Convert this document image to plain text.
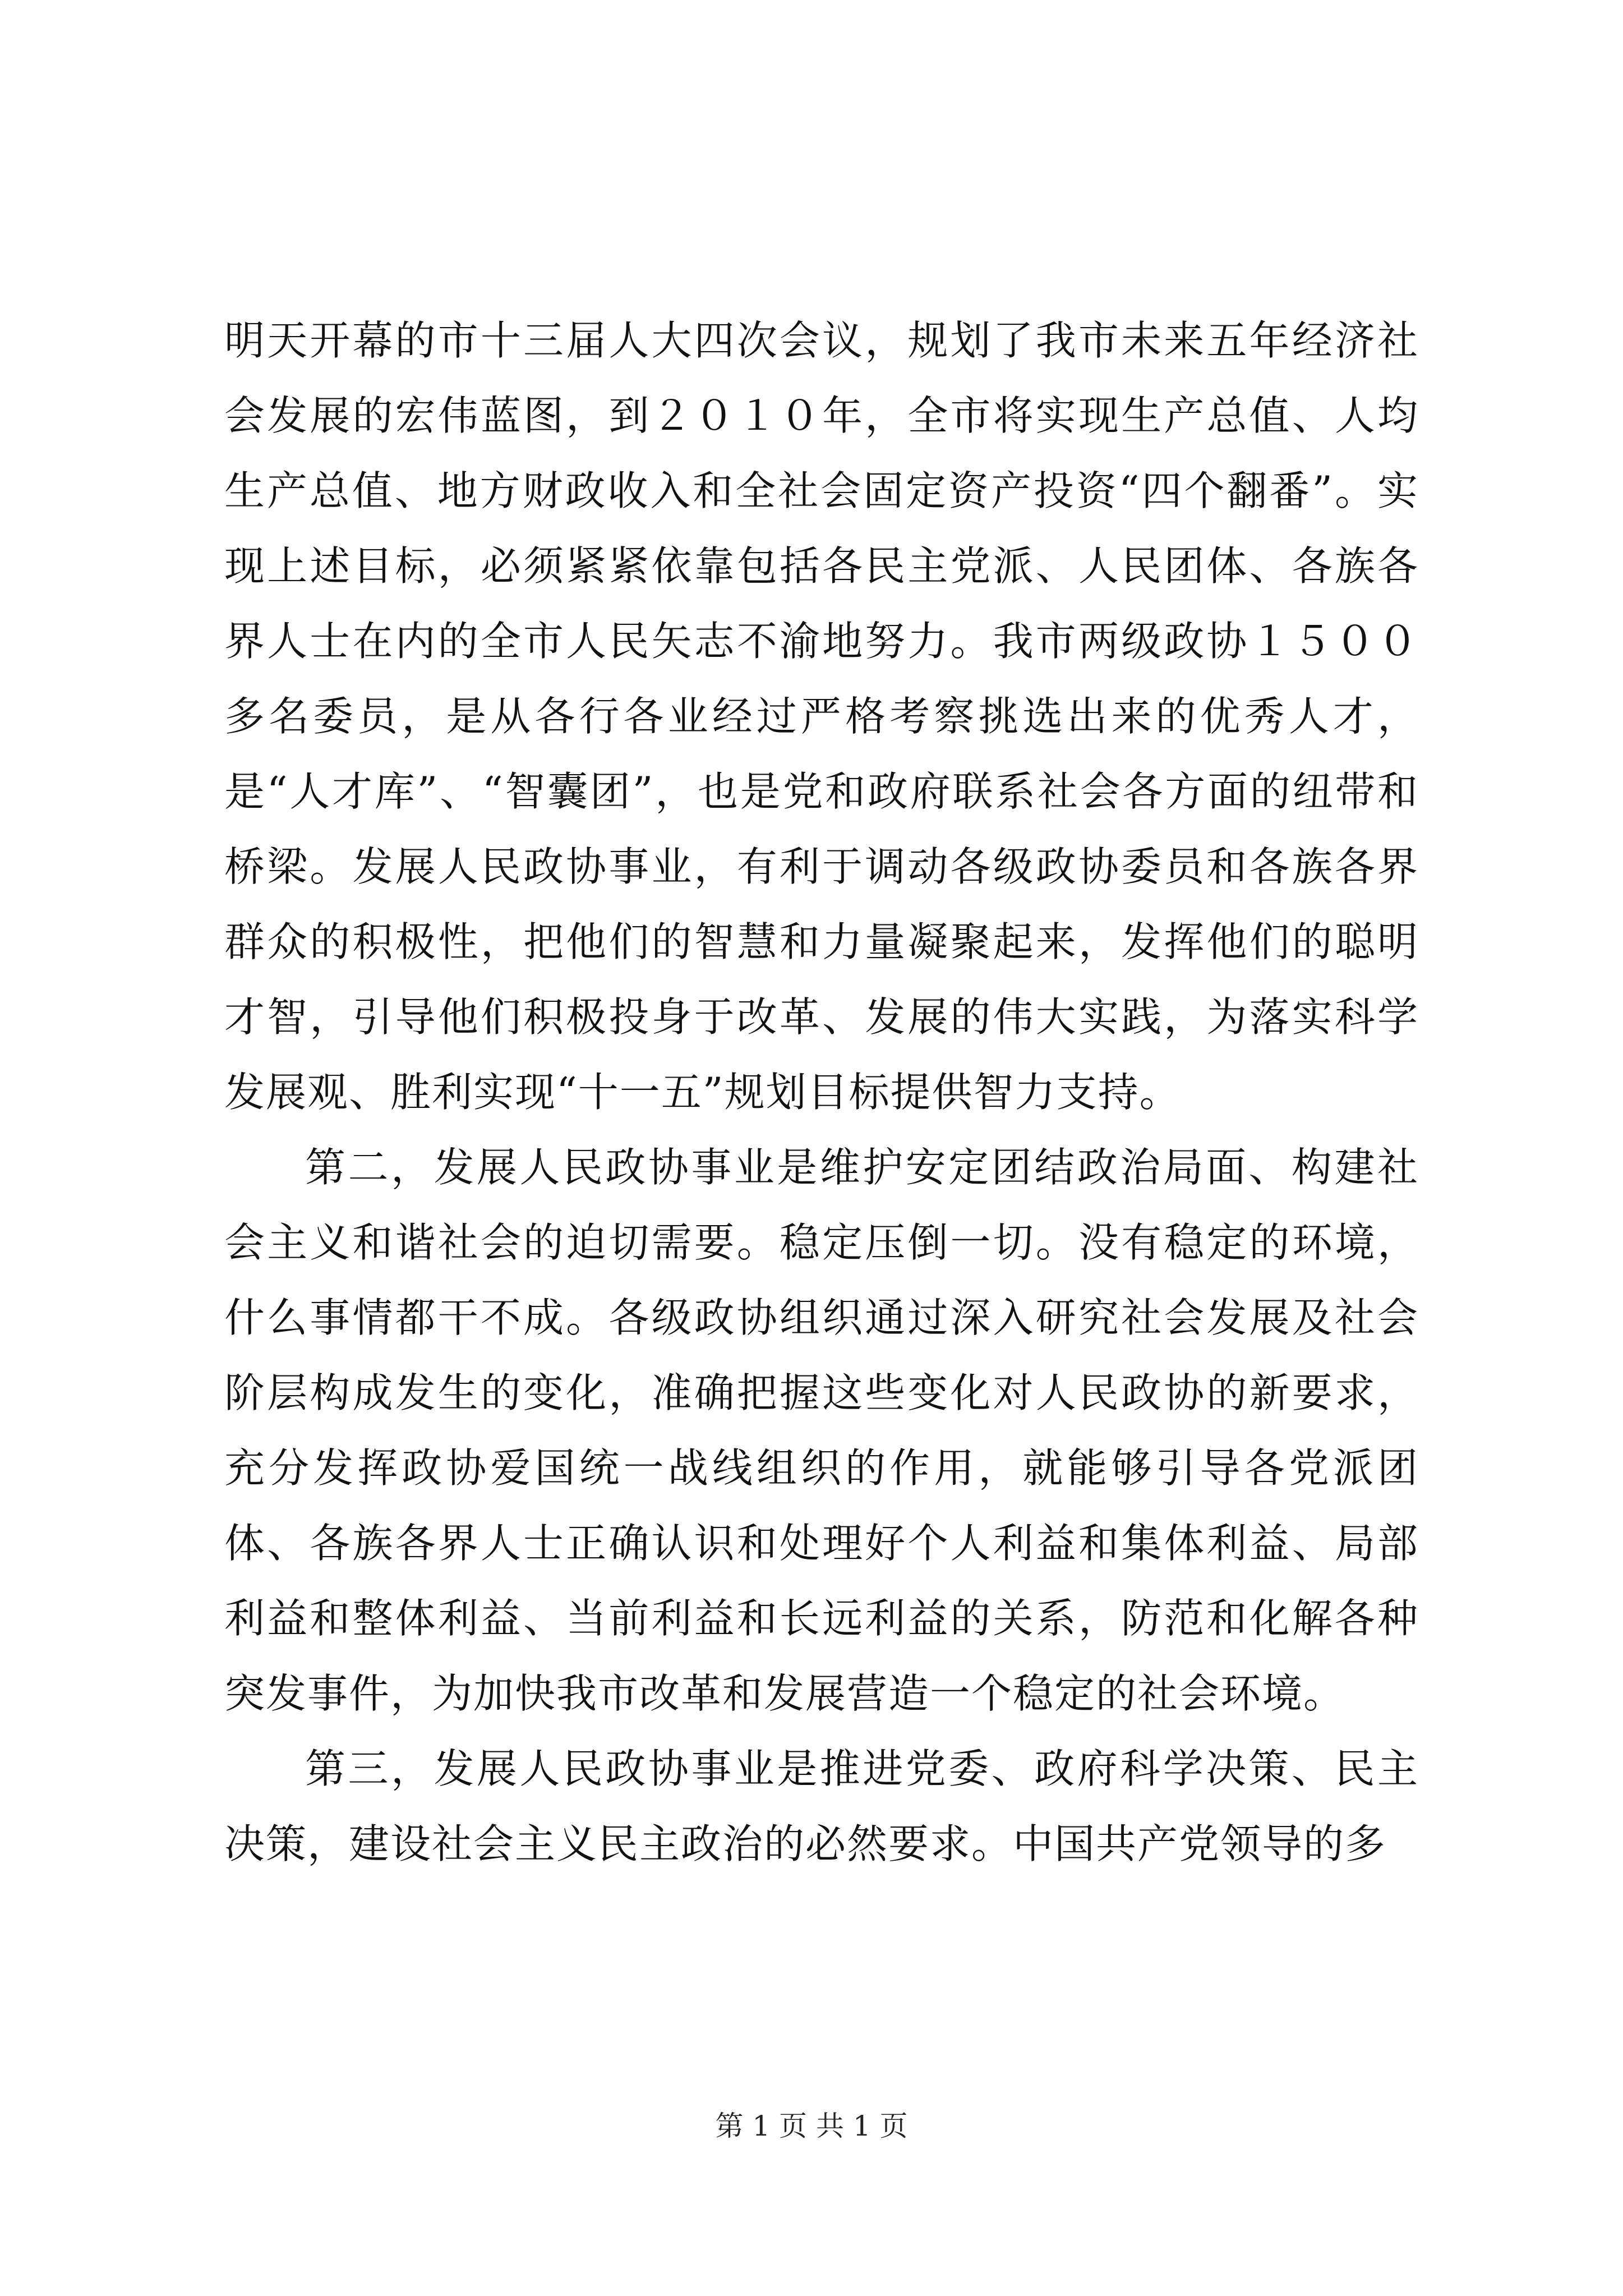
明天开幕的市十三届人大四次会议，规划了我市未来五年经济社会发展的宏伟蓝图，到２０１０年，全市将实现生产总值、人均生产总值、地方财政收入和全社会固定资产投资“四个翻番”。实现上述目标，必须紧紧依靠包括各民主党派、人民团体、各族各界人士在内的全市人民矢志不渝地努力。我市两级政协１５００多名委员，是从各行各业经过严格考察挑选出来的优秀人才，是“人才库”、“智囊团”，也是党和政府联系社会各方面的纽带和桥梁。发展人民政协事业，有利于调动各级政协委员和各族各界群众的积极性，把他们的智慧和力量凝聚起来，发挥他们的聪明才智，引导他们积极投身于改革、发展的伟大实践，为落实科学发展观、胜利实现“十一五”规划目标提供智力支持。

第二，发展人民政协事业是维护安定团结政治局面、构建社会主义和谐社会的迫切需要。稳定压倒一切。没有稳定的环境，什么事情都干不成。各级政协组织通过深入研究社会发展及社会阶层构成发生的变化，准确把握这些变化对人民政协的新要求，充分发挥政协爱国统一战线组织的作用，就能够引导各党派团体、各族各界人士正确认识和处理好个人利益和集体利益、局部利益和整体利益、当前利益和长远利益的关系，防范和化解各种突发事件，为加快我市改革和发展营造一个稳定的社会环境。

第三，发展人民政协事业是推进党委、政府科学决策、民主决策，建设社会主义民主政治的必然要求。中国共产党领导的多

第 1 页 共 1 页
